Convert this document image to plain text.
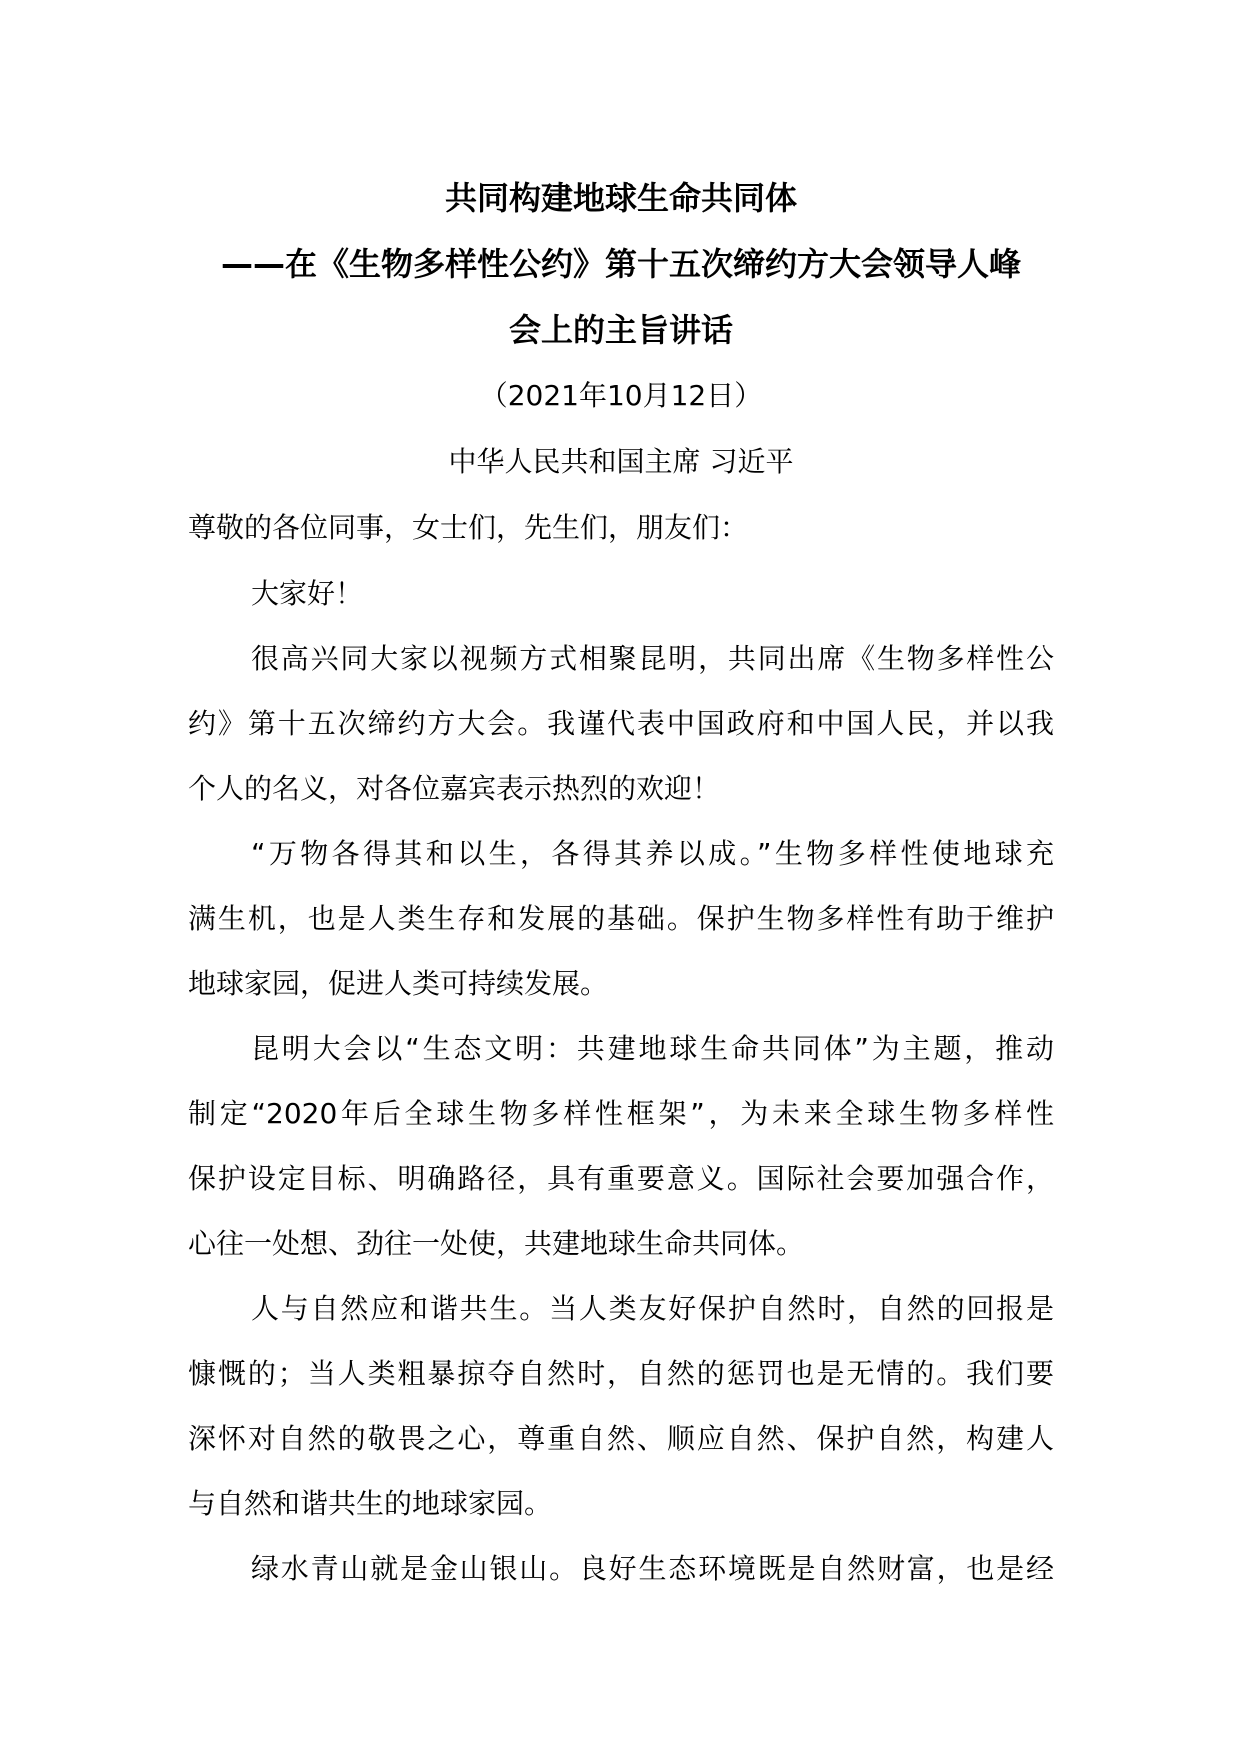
共同构建地球生命共同体
——在《生物多样性公约》第十五次缔约方大会领导人峰
会上的主旨讲话
（2021年10月12日）
中华人民共和国主席 习近平
尊敬的各位同事，女士们，先生们，朋友们：

大家好！

很高兴同大家以视频方式相聚昆明，共同出席《生物多样性公
约》第十五次缔约方大会。我谨代表中国政府和中国人民，并以我
个人的名义，对各位嘉宾表示热烈的欢迎！

“万物各得其和以生，各得其养以成。”生物多样性使地球充
满生机，也是人类生存和发展的基础。保护生物多样性有助于维护
地球家园，促进人类可持续发展。

昆明大会以“生态文明：共建地球生命共同体”为主题，推动
制定“2020年后全球生物多样性框架”，为未来全球生物多样性
保护设定目标、明确路径，具有重要意义。国际社会要加强合作，
心往一处想、劲往一处使，共建地球生命共同体。

人与自然应和谐共生。当人类友好保护自然时，自然的回报是
慷慨的；当人类粗暴掠夺自然时，自然的惩罚也是无情的。我们要
深怀对自然的敬畏之心，尊重自然、顺应自然、保护自然，构建人
与自然和谐共生的地球家园。

绿水青山就是金山银山。良好生态环境既是自然财富，也是经
